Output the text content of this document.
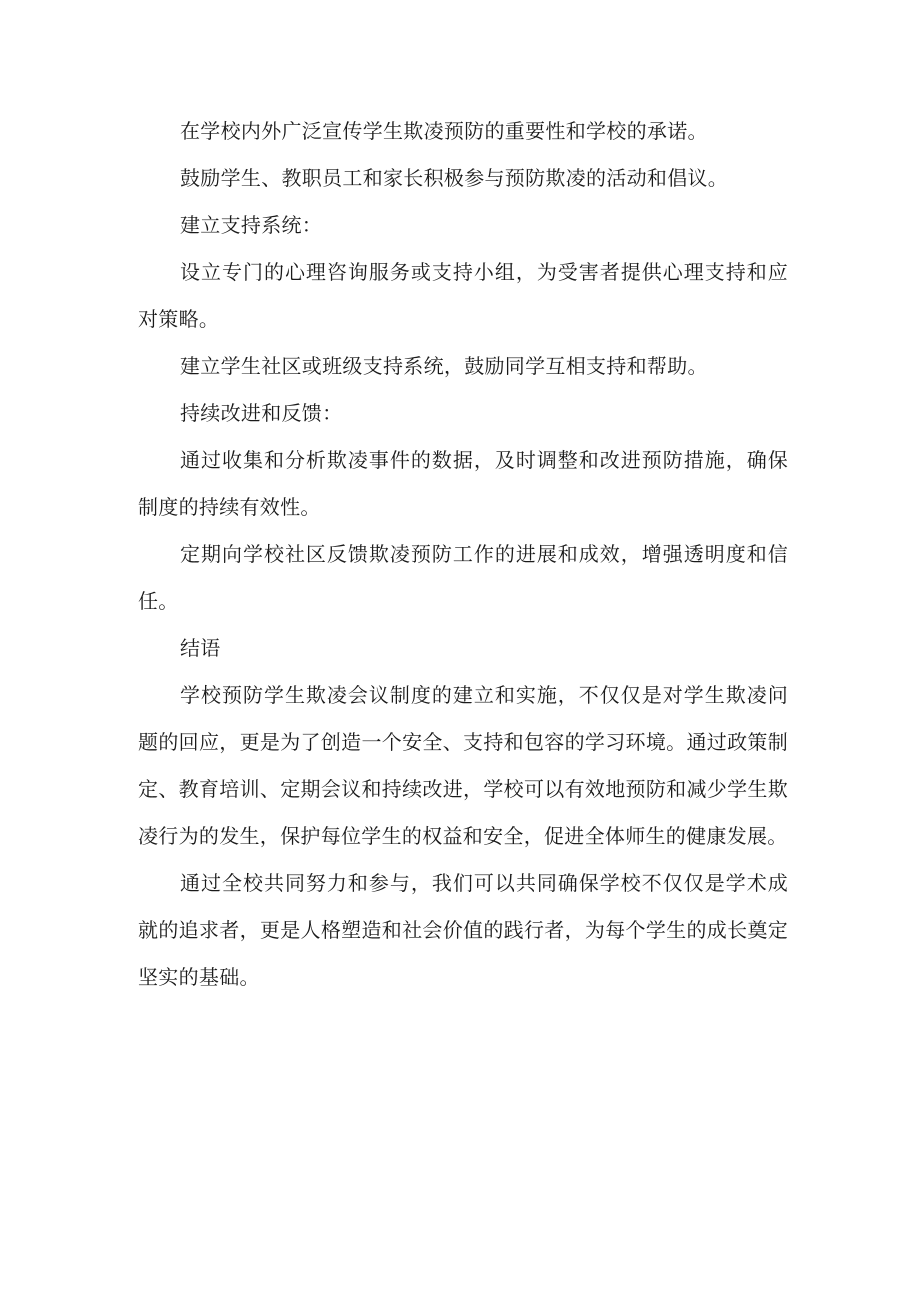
在学校内外广泛宣传学生欺凌预防的重要性和学校的承诺。

鼓励学生、教职员工和家长积极参与预防欺凌的活动和倡议。

建立支持系统：

设立专门的心理咨询服务或支持小组，为受害者提供心理支持和应对策略。

建立学生社区或班级支持系统，鼓励同学互相支持和帮助。

持续改进和反馈：

通过收集和分析欺凌事件的数据，及时调整和改进预防措施，确保制度的持续有效性。

定期向学校社区反馈欺凌预防工作的进展和成效，增强透明度和信任。

结语

学校预防学生欺凌会议制度的建立和实施，不仅仅是对学生欺凌问题的回应，更是为了创造一个安全、支持和包容的学习环境。通过政策制定、教育培训、定期会议和持续改进，学校可以有效地预防和减少学生欺凌行为的发生，保护每位学生的权益和安全，促进全体师生的健康发展。

通过全校共同努力和参与，我们可以共同确保学校不仅仅是学术成就的追求者，更是人格塑造和社会价值的践行者，为每个学生的成长奠定坚实的基础。
